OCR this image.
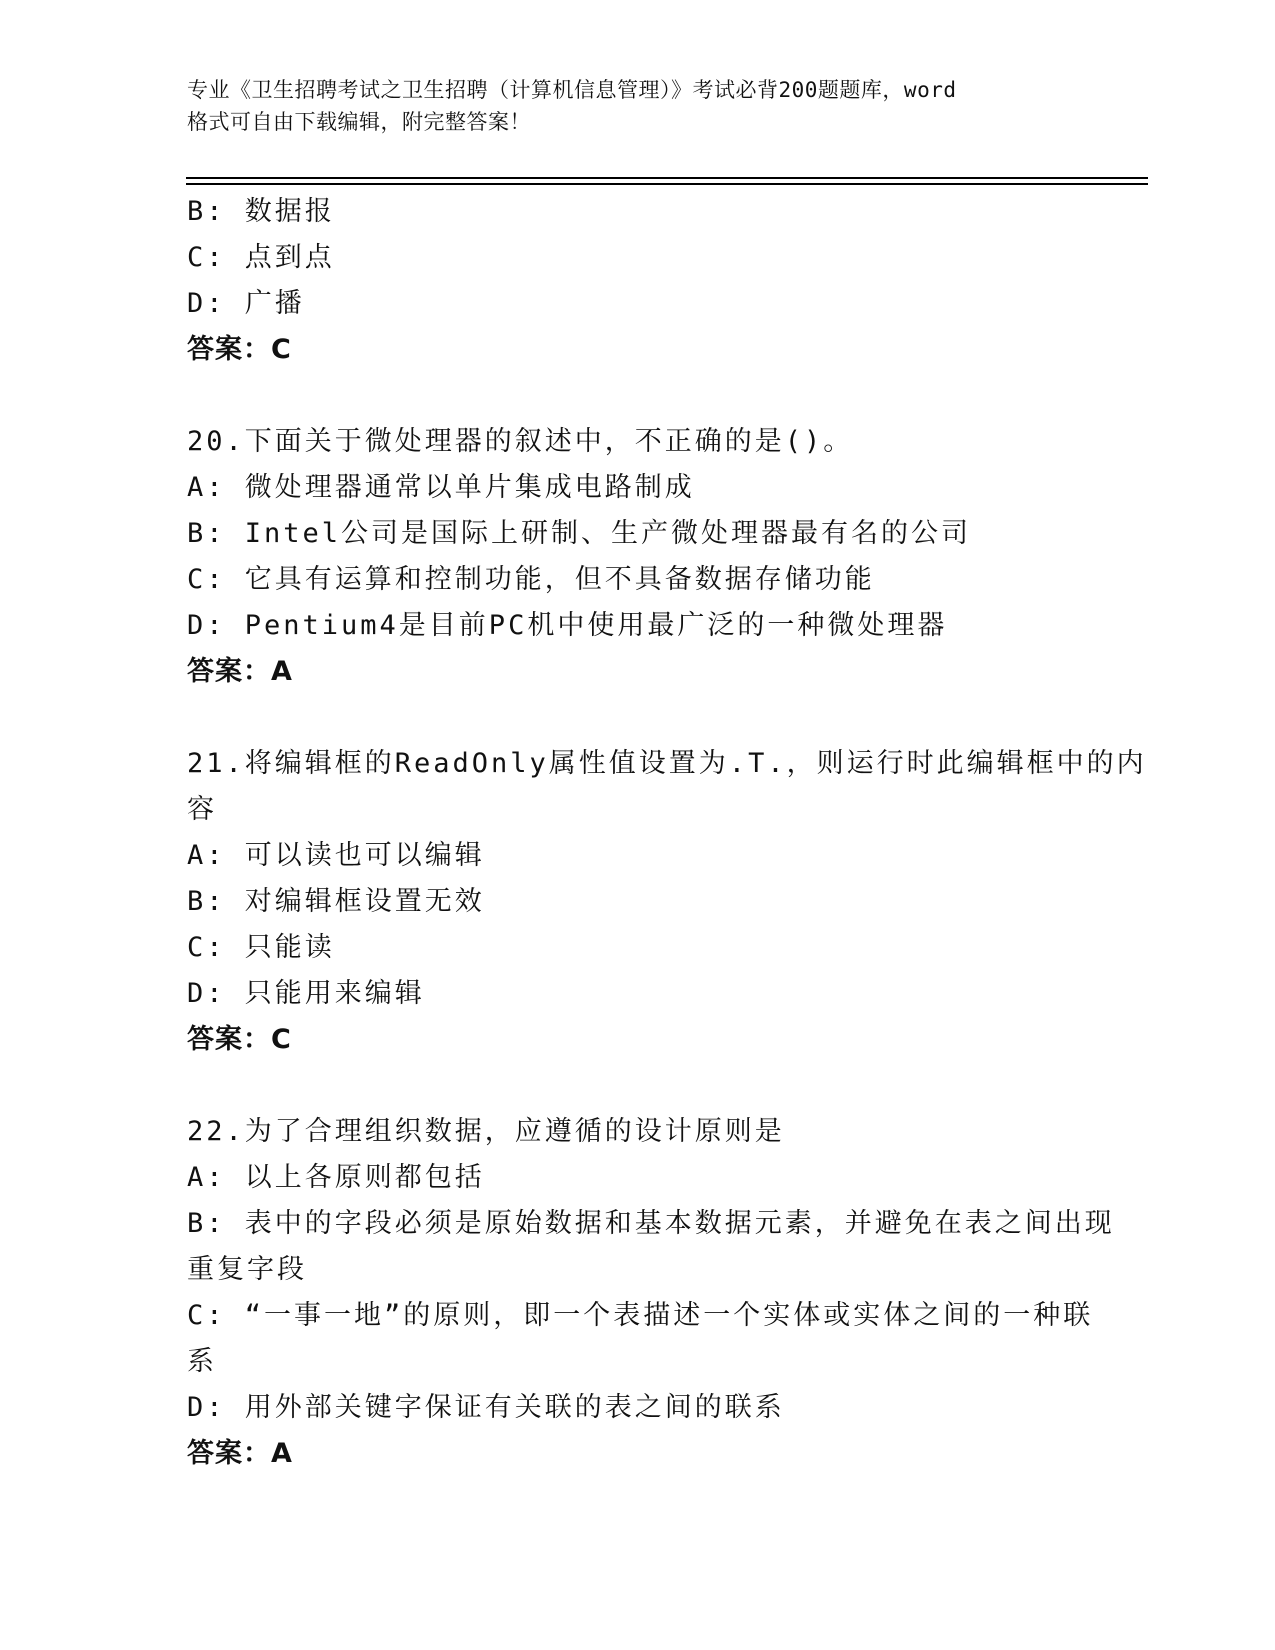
专业《卫生招聘考试之卫生招聘（计算机信息管理）》考试必背200题题库，word
格式可自由下载编辑，附完整答案！
B: 数据报
C: 点到点
D: 广播
答案：C
20.下面关于微处理器的叙述中，不正确的是()。
A: 微处理器通常以单片集成电路制成
B: Intel公司是国际上研制、生产微处理器最有名的公司
C: 它具有运算和控制功能，但不具备数据存储功能
D: Pentium4是目前PC机中使用最广泛的一种微处理器
答案：A
21.将编辑框的ReadOnly属性值设置为.T.，则运行时此编辑框中的内
容
A: 可以读也可以编辑
B: 对编辑框设置无效
C: 只能读
D: 只能用来编辑
答案：C
22.为了合理组织数据，应遵循的设计原则是
A: 以上各原则都包括
B: 表中的字段必须是原始数据和基本数据元素，并避免在表之间出现
重复字段
C: “一事一地”的原则，即一个表描述一个实体或实体之间的一种联
系
D: 用外部关键字保证有关联的表之间的联系
答案：A
